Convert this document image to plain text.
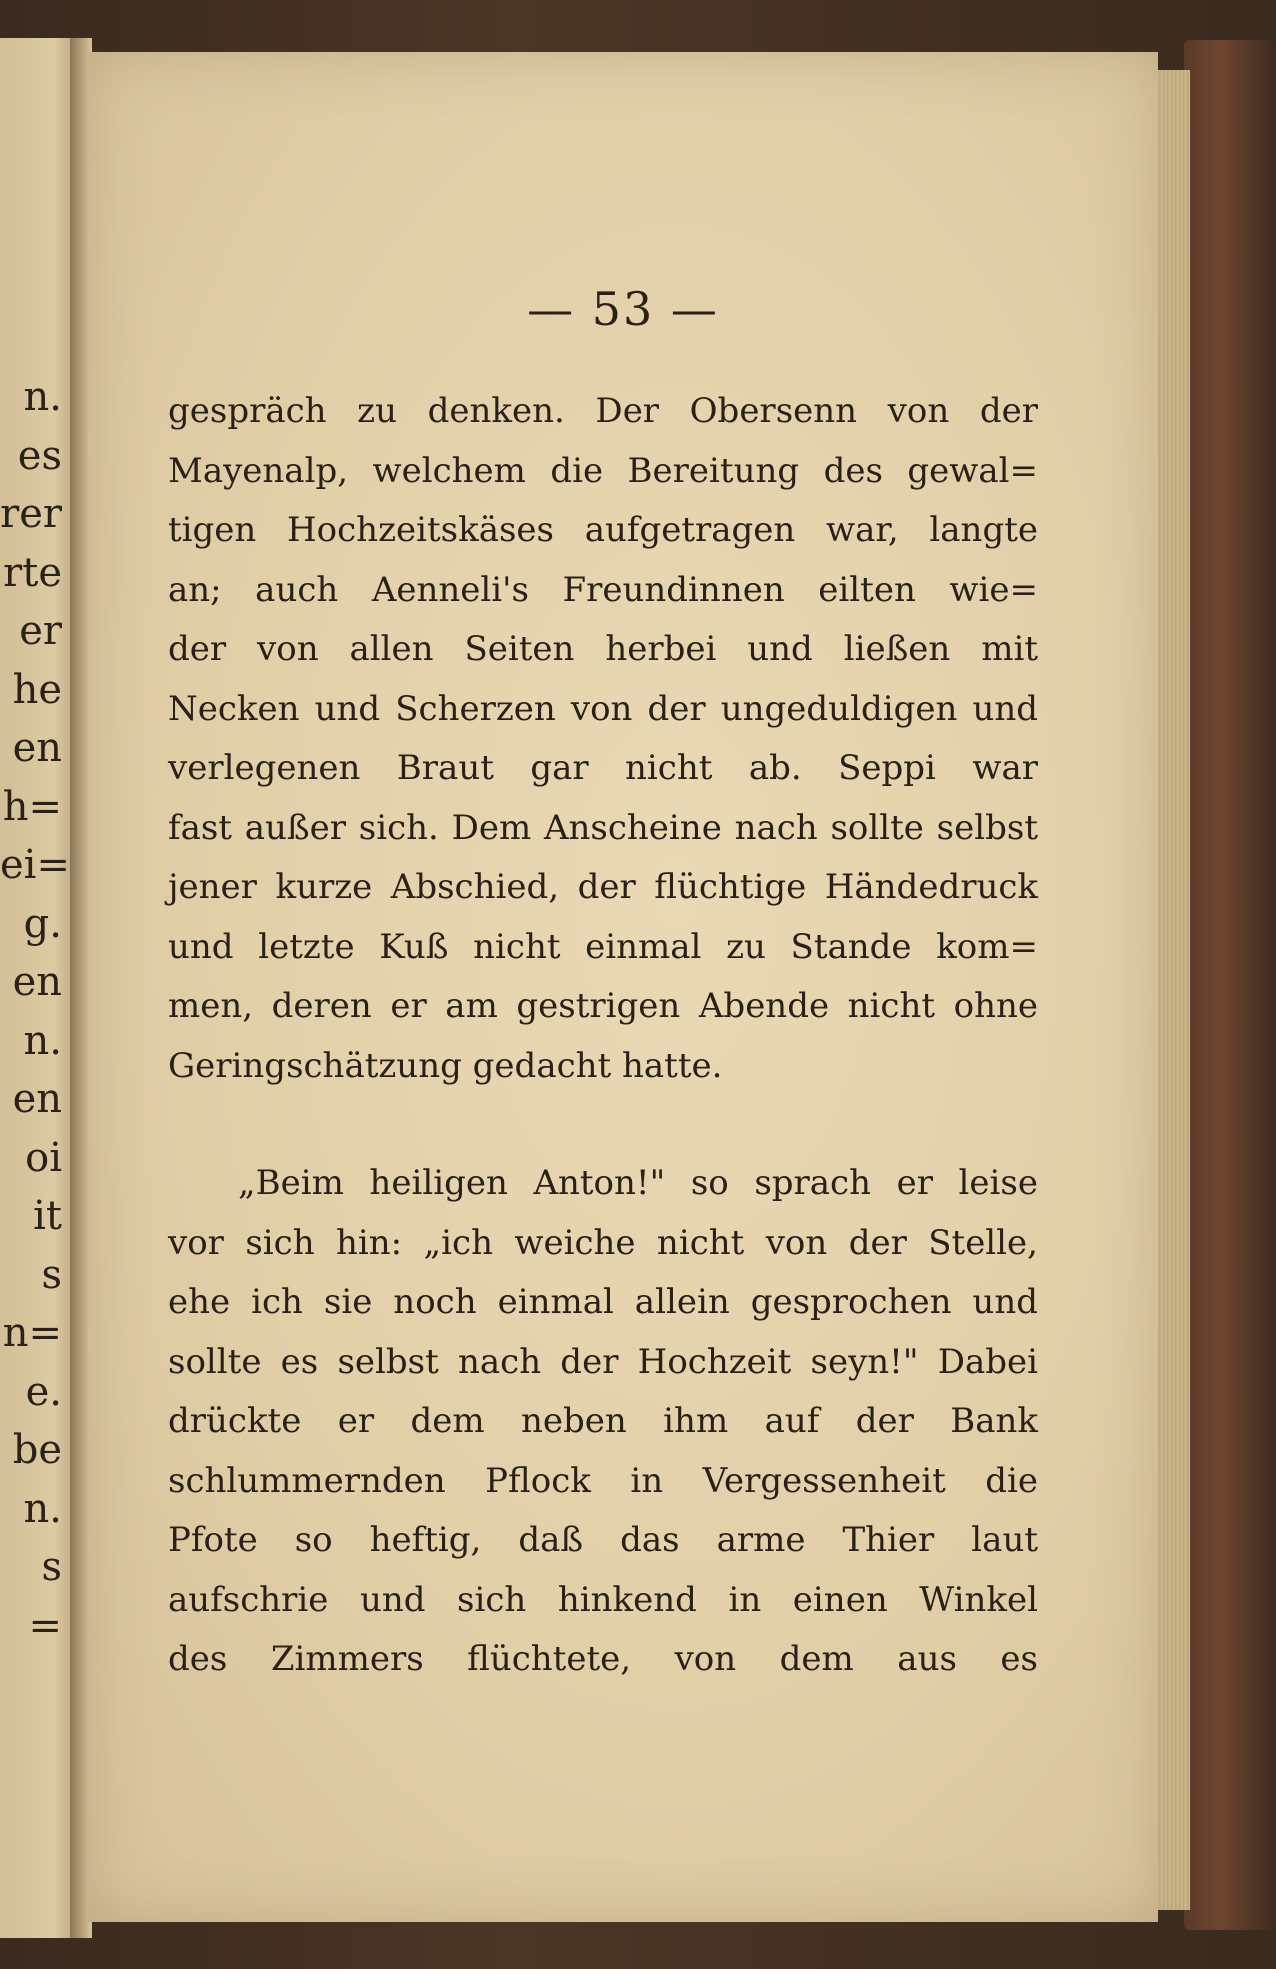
n.
es
rer
rte
er
he
en
h=
ei=
g.
en
n.
en
oi
it
s
n=
e.
be
n.
s
=
— 53 —
gespräch zu denken. Der Obersenn von der
Mayenalp, welchem die Bereitung des gewal=
tigen Hochzeitskäses aufgetragen war, langte
an; auch Aenneli's Freundinnen eilten wie=
der von allen Seiten herbei und ließen mit
Necken und Scherzen von der ungeduldigen und
verlegenen Braut gar nicht ab. Seppi war
fast außer sich. Dem Anscheine nach sollte selbst
jener kurze Abschied, der flüchtige Händedruck
und letzte Kuß nicht einmal zu Stande kom=
men, deren er am gestrigen Abende nicht ohne
Geringschätzung gedacht hatte.
„Beim heiligen Anton!" so sprach er leise
vor sich hin: „ich weiche nicht von der Stelle,
ehe ich sie noch einmal allein gesprochen und
sollte es selbst nach der Hochzeit seyn!" Dabei
drückte er dem neben ihm auf der Bank
schlummernden Pflock in Vergessenheit die
Pfote so heftig, daß das arme Thier laut
aufschrie und sich hinkend in einen Winkel
des Zimmers flüchtete, von dem aus es
